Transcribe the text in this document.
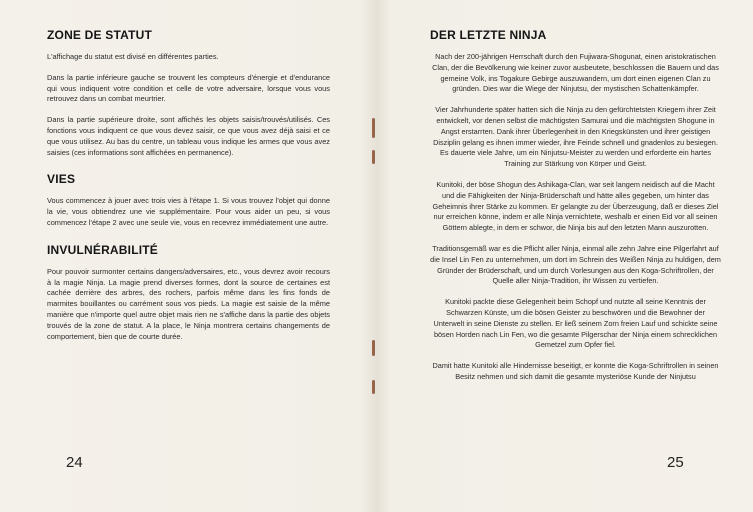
ZONE DE STATUT

L'affichage du statut est divisé en différentes parties.

Dans la partie inférieure gauche se trouvent les compteurs d'énergie et d'endurance qui vous indiquent votre condition et celle de votre adversaire, lorsque vous vous retrouvez dans un combat meurtrier.

Dans la partie supérieure droite, sont affichés les objets saisis/trouvés/utilisés. Ces fonctions vous indiquent ce que vous devez saisir, ce que vous avez déjà saisi et ce que vous utilisez. Au bas du centre, un tableau vous indique les armes que vous avez saisies (ces informations sont affichées en permanence).

VIES

Vous commencez à jouer avec trois vies à l'étape 1. Si vous trouvez l'objet qui donne la vie, vous obtiendrez une vie supplémentaire. Pour vous aider un peu, si vous commencez l'étape 2 avec une seule vie, vous en recevrez immédiatement une autre.

INVULNÉRABILITÉ

Pour pouvoir surmonter certains dangers/adversaires, etc., vous devrez avoir recours à la magie Ninja. La magie prend diverses formes, dont la source de certaines est cachée derrière des arbres, des rochers, parfois même dans les fins fonds de marmites bouillantes ou carrément sous vos pieds. La magie est saisie de la même manière que n'importe quel autre objet mais rien ne s'affiche dans la partie des objets trouvés de la zone de statut. A la place, le Ninja montrera certains changements de comportement, bien que de courte durée.

24
DER LETZTE NINJA

Nach der 200-jährigen Herrschaft durch den Fujiwara-Shogunat, einen aristokratischen Clan, der die Bevölkerung wie keiner zuvor ausbeutete, beschlossen die Bauern und das gemeine Volk, ins Togakure Gebirge auszuwandern, um dort einen eigenen Clan zu gründen. Dies war die Wiege der Ninjutsu, der mystischen Schattenkämpfer.

Vier Jahrhunderte später hatten sich die Ninja zu den gefürchtetsten Kriegern ihrer Zeit entwickelt, vor denen selbst die mächtigsten Samurai und die mächtigsten Shogune in Angst erstarrten. Dank ihrer Überlegenheit in den Kriegskünsten und ihrer geistigen Disziplin gelang es ihnen immer wieder, ihre Feinde schnell und gnadenlos zu besiegen. Es dauerte viele Jahre, um ein Ninjutsu-Meister zu werden und erforderte ein hartes Training zur Stärkung von Körper und Geist.

Kunitoki, der böse Shogun des Ashikaga-Clan, war seit langem neidisch auf die Macht und die Fähigkeiten der Ninja-Brüderschaft und hätte alles gegeben, um hinter das Geheimnis ihrer Stärke zu kommen. Er gelangte zu der Überzeugung, daß er dieses Ziel nur erreichen könne, indem er alle Ninja vernichtete, weshalb er einen Eid vor all seinen Göttern ablegte, in dem er schwor, die Ninja bis auf den letzten Mann auszurotten.

Traditionsgemäß war es die Pflicht aller Ninja, einmal alle zehn Jahre eine Pilgerfahrt auf die Insel Lin Fen zu unternehmen, um dort im Schrein des Weißen Ninja zu huldigen, dem Gründer der Brüderschaft, und um durch Vorlesungen aus den Koga-Schriftrollen, der Quelle aller Ninja-Tradition, ihr Wissen zu vertiefen.

Kunitoki packte diese Gelegenheit beim Schopf und nutzte all seine Kenntnis der Schwarzen Künste, um die bösen Geister zu beschwören und die Bewohner der Unterwelt in seine Dienste zu stellen. Er ließ seinem Zorn freien Lauf und schickte seine bösen Horden nach Lin Fen, wo die gesamte Pilgerschar der Ninja einem schrecklichen Gemetzel zum Opfer fiel.

Damit hatte Kunitoki alle Hindernisse beseitigt, er konnte die Koga-Schriftrollen in seinen Besitz nehmen und sich damit die gesamte mysteriöse Kunde der Ninjutsu

25
